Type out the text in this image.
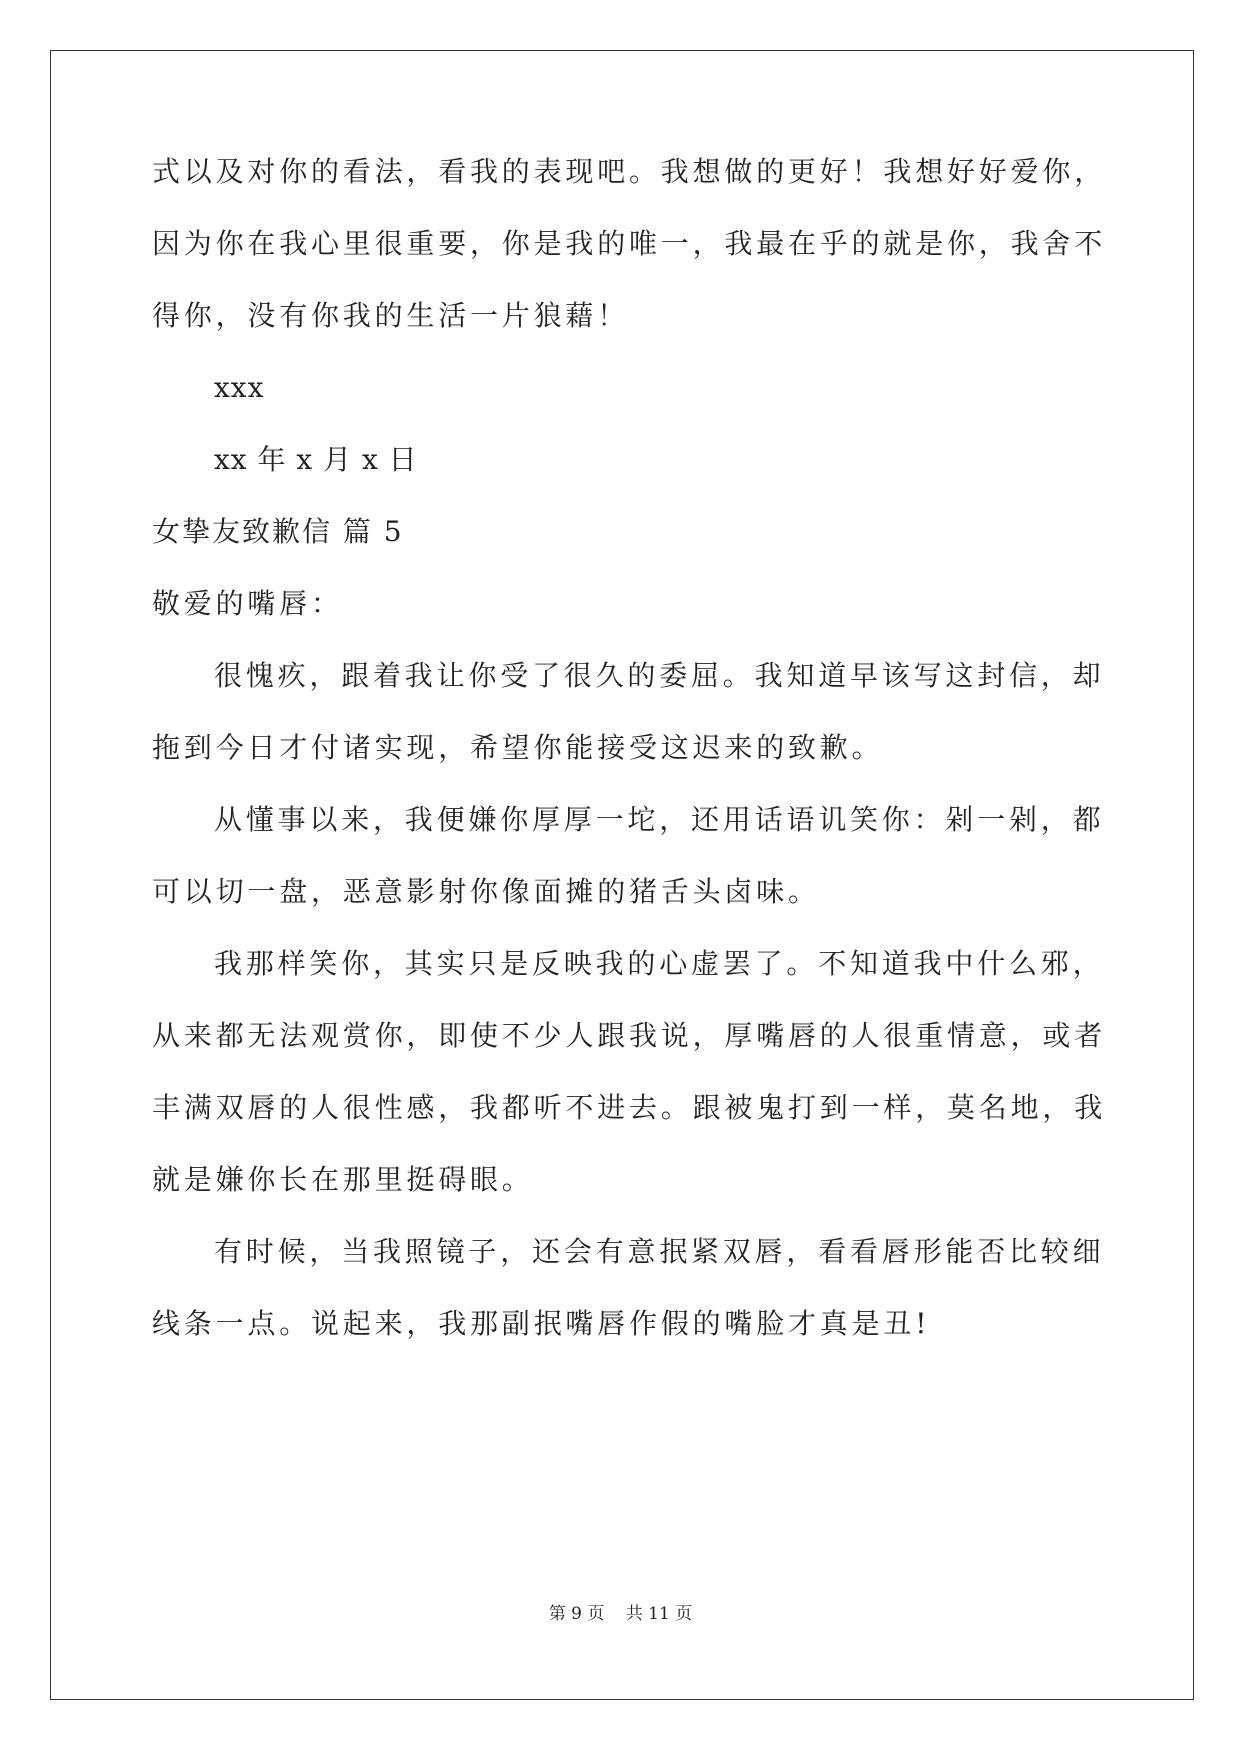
式以及对你的看法，看我的表现吧。我想做的更好！我想好好爱你，
因为你在我心里很重要，你是我的唯一，我最在乎的就是你，我舍不
得你，没有你我的生活一片狼藉！
xxx
xx 年 x 月 x 日
女挚友致歉信 篇 5
敬爱的嘴唇：
很愧疚，跟着我让你受了很久的委屈。我知道早该写这封信，却
拖到今日才付诸实现，希望你能接受这迟来的致歉。
从懂事以来，我便嫌你厚厚一坨，还用话语讥笑你：剁一剁，都
可以切一盘，恶意影射你像面摊的猪舌头卤味。
我那样笑你，其实只是反映我的心虚罢了。不知道我中什么邪，
从来都无法观赏你，即使不少人跟我说，厚嘴唇的人很重情意，或者
丰满双唇的人很性感，我都听不进去。跟被鬼打到一样，莫名地，我
就是嫌你长在那里挺碍眼。
有时候，当我照镜子，还会有意抿紧双唇，看看唇形能否比较细
线条一点。说起来，我那副抿嘴唇作假的嘴脸才真是丑!
第 9 页 共 11 页
